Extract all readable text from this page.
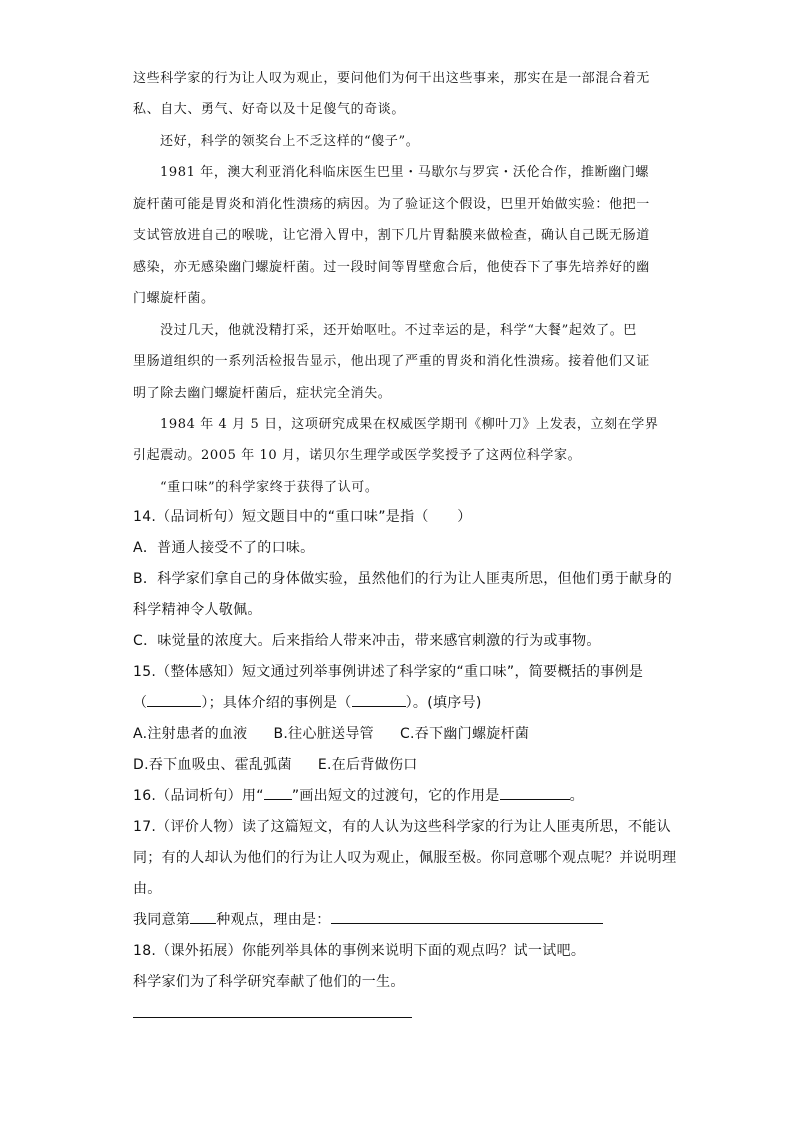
这些科学家的行为让人叹为观止，要问他们为何干出这些事来，那实在是一部混合着无
私、自大、勇气、好奇以及十足傻气的奇谈。
还好，科学的领奖台上不乏这样的“傻子”。
1981 年，澳大利亚消化科临床医生巴里・马歇尔与罗宾・沃伦合作，推断幽门螺
旋杆菌可能是胃炎和消化性溃疡的病因。为了验证这个假设，巴里开始做实验：他把一
支试管放进自己的喉咙，让它滑入胃中，割下几片胃黏膜来做检查，确认自己既无肠道
感染，亦无感染幽门螺旋杆菌。过一段时间等胃壁愈合后，他使吞下了事先培养好的幽
门螺旋杆菌。
没过几天，他就没精打采，还开始呕吐。不过幸运的是，科学“大餐”起效了。巴
里肠道组织的一系列活检报告显示，他出现了严重的胃炎和消化性溃疡。接着他们又证
明了除去幽门螺旋杆菌后，症状完全消失。
1984 年 4 月 5 日，这项研究成果在权威医学期刊《柳叶刀》上发表，立刻在学界
引起震动。2005 年 10 月，诺贝尔生理学或医学奖授予了这两位科学家。
“重口味”的科学家终于获得了认可。
14.（品词析句）短文题目中的“重口味”是指（　　）
A．普通人接受不了的口味。
B．科学家们拿自己的身体做实验，虽然他们的行为让人匪夷所思，但他们勇于献身的
科学精神令人敬佩。
C．味觉量的浓度大。后来指给人带来冲击，带来感官刺激的行为或事物。
15.（整体感知）短文通过列举事例讲述了科学家的“重口味”，简要概括的事例是
（	）；具体介绍的事例是（	）。(填序号)
A.注射患者的血液 B.往心脏送导管 C.吞下幽门螺旋杆菌
D.吞下血吸虫、霍乱弧菌 E.在后背做伤口
16.（品词析句）用“ ”画出短文的过渡句，它的作用是	。
17.（评价人物）读了这篇短文，有的人认为这些科学家的行为让人匪夷所思，不能认
同；有的人却认为他们的行为让人叹为观止，佩服至极。你同意哪个观点呢？并说明理
由。
我同意第 种观点，理由是：
18.（课外拓展）你能列举具体的事例来说明下面的观点吗？试一试吧。
科学家们为了科学研究奉献了他们的一生。
